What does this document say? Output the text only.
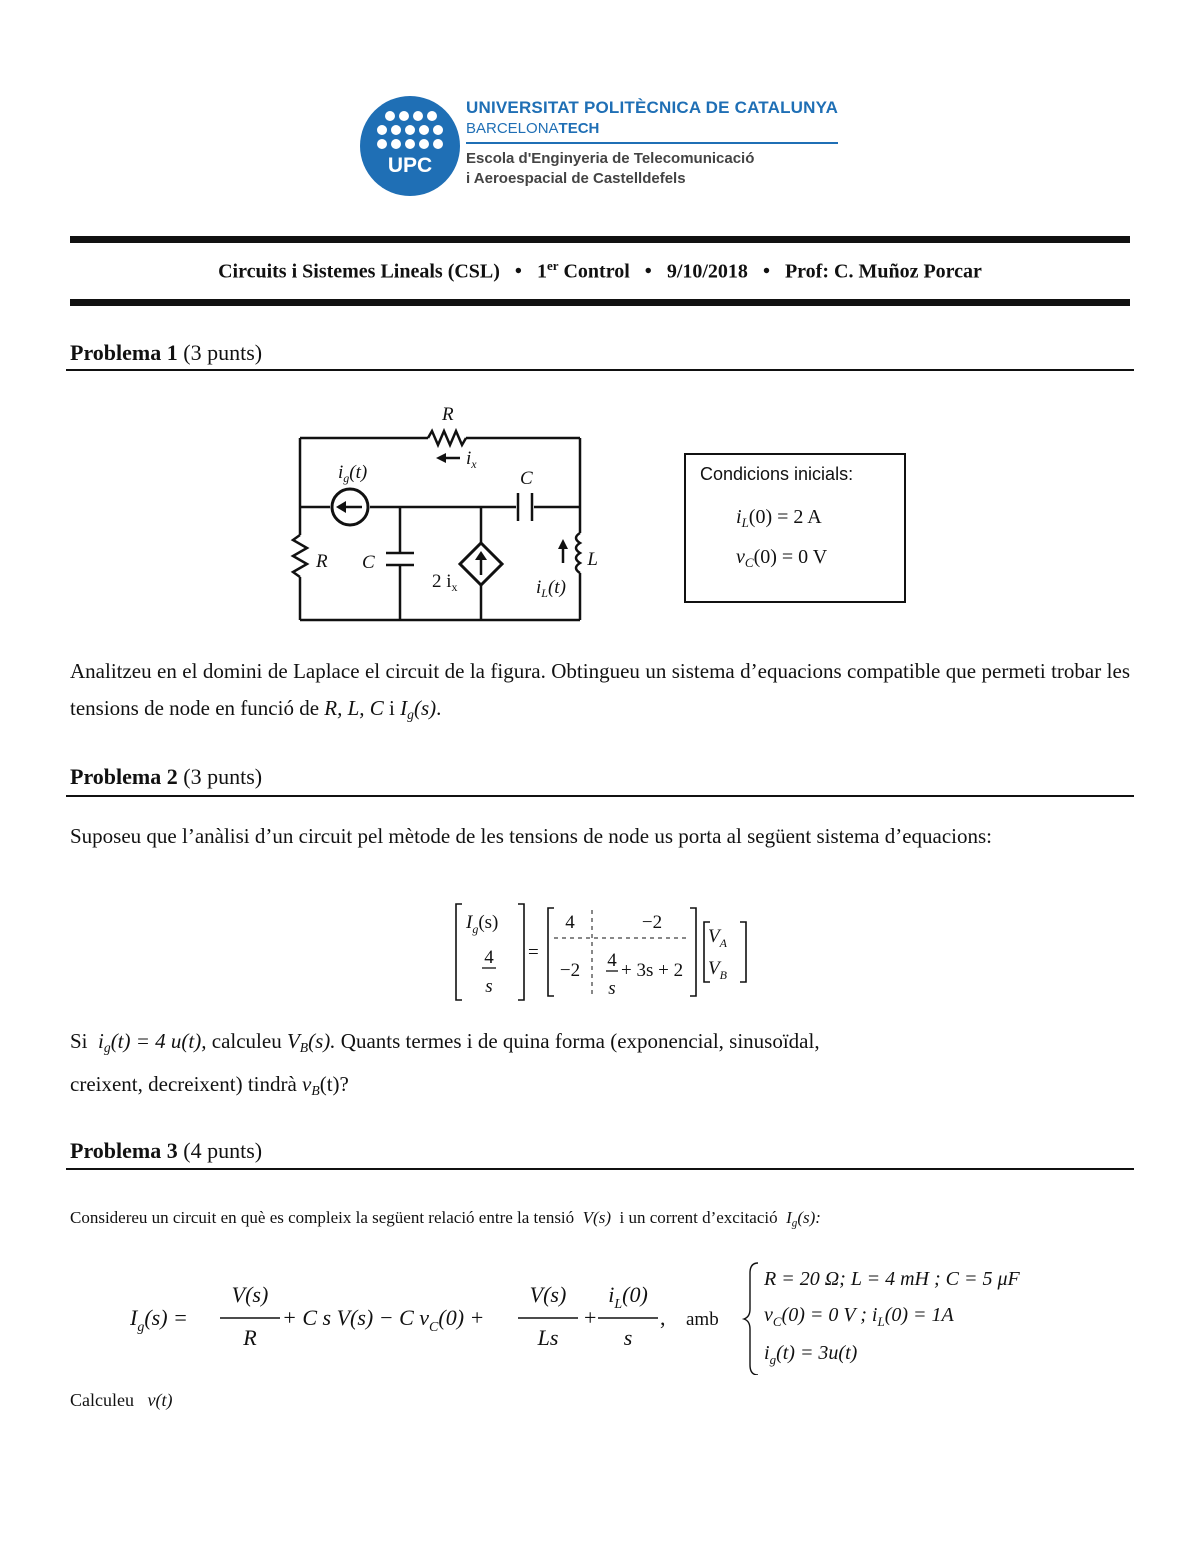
UPC
UNIVERSITAT POLITÈCNICA DE CATALUNYA
BARCELONATECH
Escola d'Enginyeria de Telecomunicació
i Aeroespacial de Castelldefels
Circuits i Sistemes Lineals (CSL) • 1er Control • 9/10/2018 • Prof: C. Muñoz Porcar
Problema 1 (3 punts)
R
$i_x$
$i_g(t)$	C
R C
2 $i_x$
L
$i_L(t)$
Condicions inicials:
$i_L(0) = 2$ A
$v_C(0) = 0$ V
Analitzeu en el domini de Laplace el circuit de la figura. Obtingueu un sistema d’equacions compatible que permeti trobar les tensions de node en funció de R, L, C i $I_g(s)$.
Problema 2 (3 punts)
Suposeu que l’anàlisi d’un circuit pel mètode de les tensions de node us porta al següent sistema d’equacions:
$I_g(s)$
4
s
=
4	−2
−2 4
s
+ 3s + 2
$V_A$
$V_B$
Si $i_g(t) = 4$ u(t), calculeu $V_B(s)$. Quants termes i de quina forma (exponencial, sinusoïdal,
creixent, decreixent) tindrà $v_B(t)$?
Problema 3 (4 punts)
Considereu un circuit en què es compleix la següent relació entre la tensió V(s) i un corrent d’excitació $I_g(s)$:
$I_g(s)$ =
V(s)
R
+ C s V(s) − C $v_C(0)$ +
V(s)
Ls
+
$i_L(0)$
s
, amb
R = 20 Ω; L = 4 mH ; C = 5 μF
$v_C(0) = 0$ V ; $i_L(0) = 1A$
$i_g(t) = 3u(t)$
Calculeu v(t)
